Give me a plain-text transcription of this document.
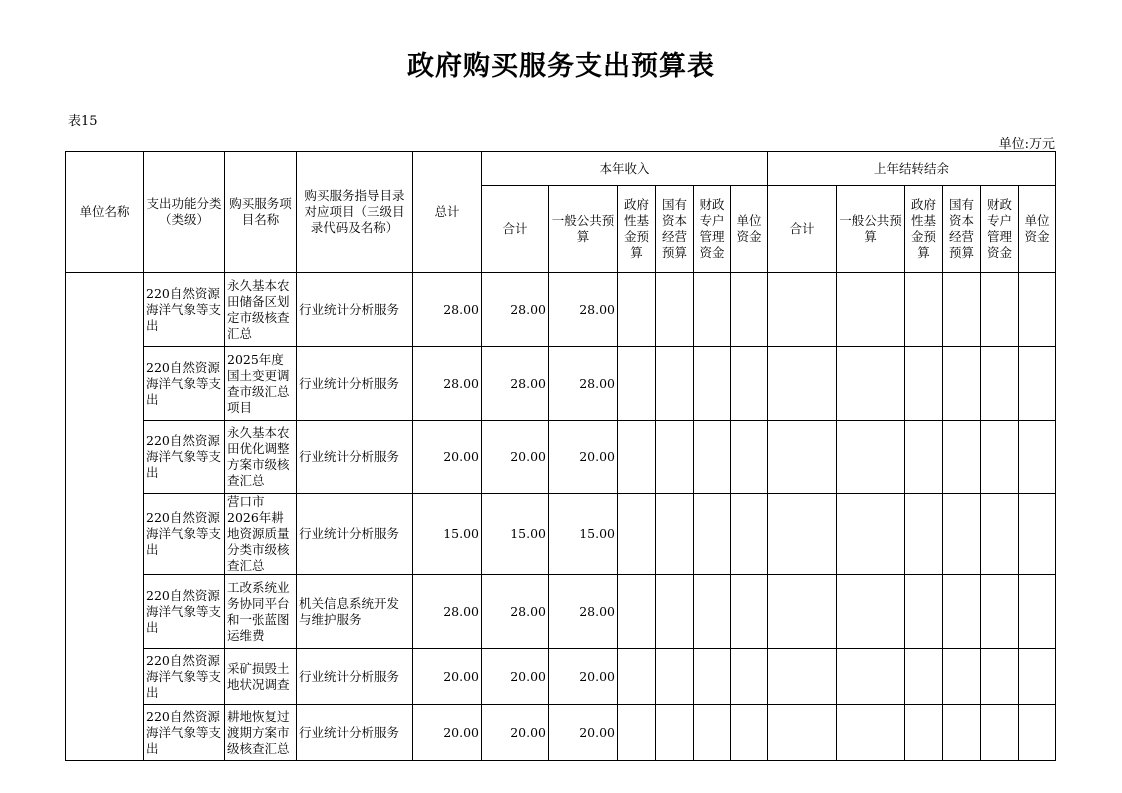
政府购买服务支出预算表
表15
单位:万元
单位名称	支出功能分类（类级）	购买服务项目名称	购买服务指导目录对应项目（三级目录代码及名称）	总计	本年收入						上年结转结余					
					合计	一般公共预算	政府性基金预算	国有资本经营预算	财政专户管理资金	单位资金	合计	一般公共预算	政府性基金预算	国有资本经营预算	财政专户管理资金	单位资金
	220自然资源海洋气象等支出	永久基本农田储备区划定市级核查汇总	行业统计分析服务	28.00	28.00	28.00										
	220自然资源海洋气象等支出	2025年度国土变更调查市级汇总项目	行业统计分析服务	28.00	28.00	28.00										
	220自然资源海洋气象等支出	永久基本农田优化调整方案市级核查汇总	行业统计分析服务	20.00	20.00	20.00										
	220自然资源海洋气象等支出	营口市2026年耕地资源质量分类市级核查汇总	行业统计分析服务	15.00	15.00	15.00										
	220自然资源海洋气象等支出	工改系统业务协同平台和一张蓝图运维费	机关信息系统开发与维护服务	28.00	28.00	28.00										
	220自然资源海洋气象等支出	采矿损毁土地状况调查	行业统计分析服务	20.00	20.00	20.00										
	220自然资源海洋气象等支出	耕地恢复过渡期方案市级核查汇总	行业统计分析服务	20.00	20.00	20.00										
